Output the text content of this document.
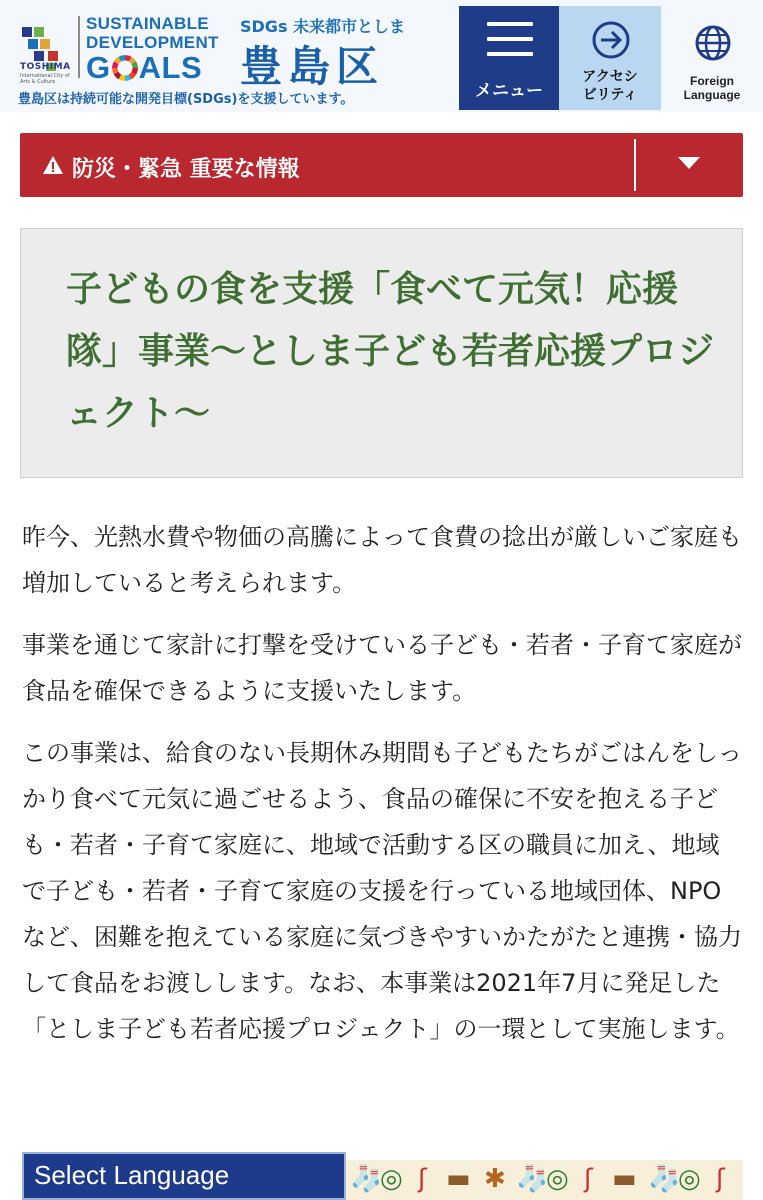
TOSHIMA
International City of Arts & Culture
SUSTAINABLE
DEVELOPMENT
G ALS
SDGs 未来都市としま
豊島区
豊島区は持続可能な開発目標(SDGs)を支援しています。	メニュー
アクセシ
ビリティ
Foreign
Language
防災・緊急 重要な情報
子どもの食を支援「食べて元気！応援隊」事業〜としま子ども若者応援プロジェクト〜

昨今、光熱水費や物価の高騰によって食費の捻出が厳しいご家庭も増加していると考えられます。

事業を通じて家計に打撃を受けている子ども・若者・子育て家庭が食品を確保できるように支援いたします。

この事業は、給食のない長期休み期間も子どもたちがごはんをしっかり食べて元気に過ごせるよう、食品の確保に不安を抱える子ども・若者・子育て家庭に、地域で活動する区の職員に加え、地域で子ども・若者・子育て家庭の支援を行っている地域団体、NPOなど、困難を抱えている家庭に気づきやすいかたがたと連携・協力して食品をお渡しします。なお、本事業は2021年7月に発足した「としま子ども若者応援プロジェクト」の一環として実施します。

Select Language	🧦
◎ ʃ ▬ ✱ 🧦
◎ ʃ ▬ 🧦
◎ ʃ
